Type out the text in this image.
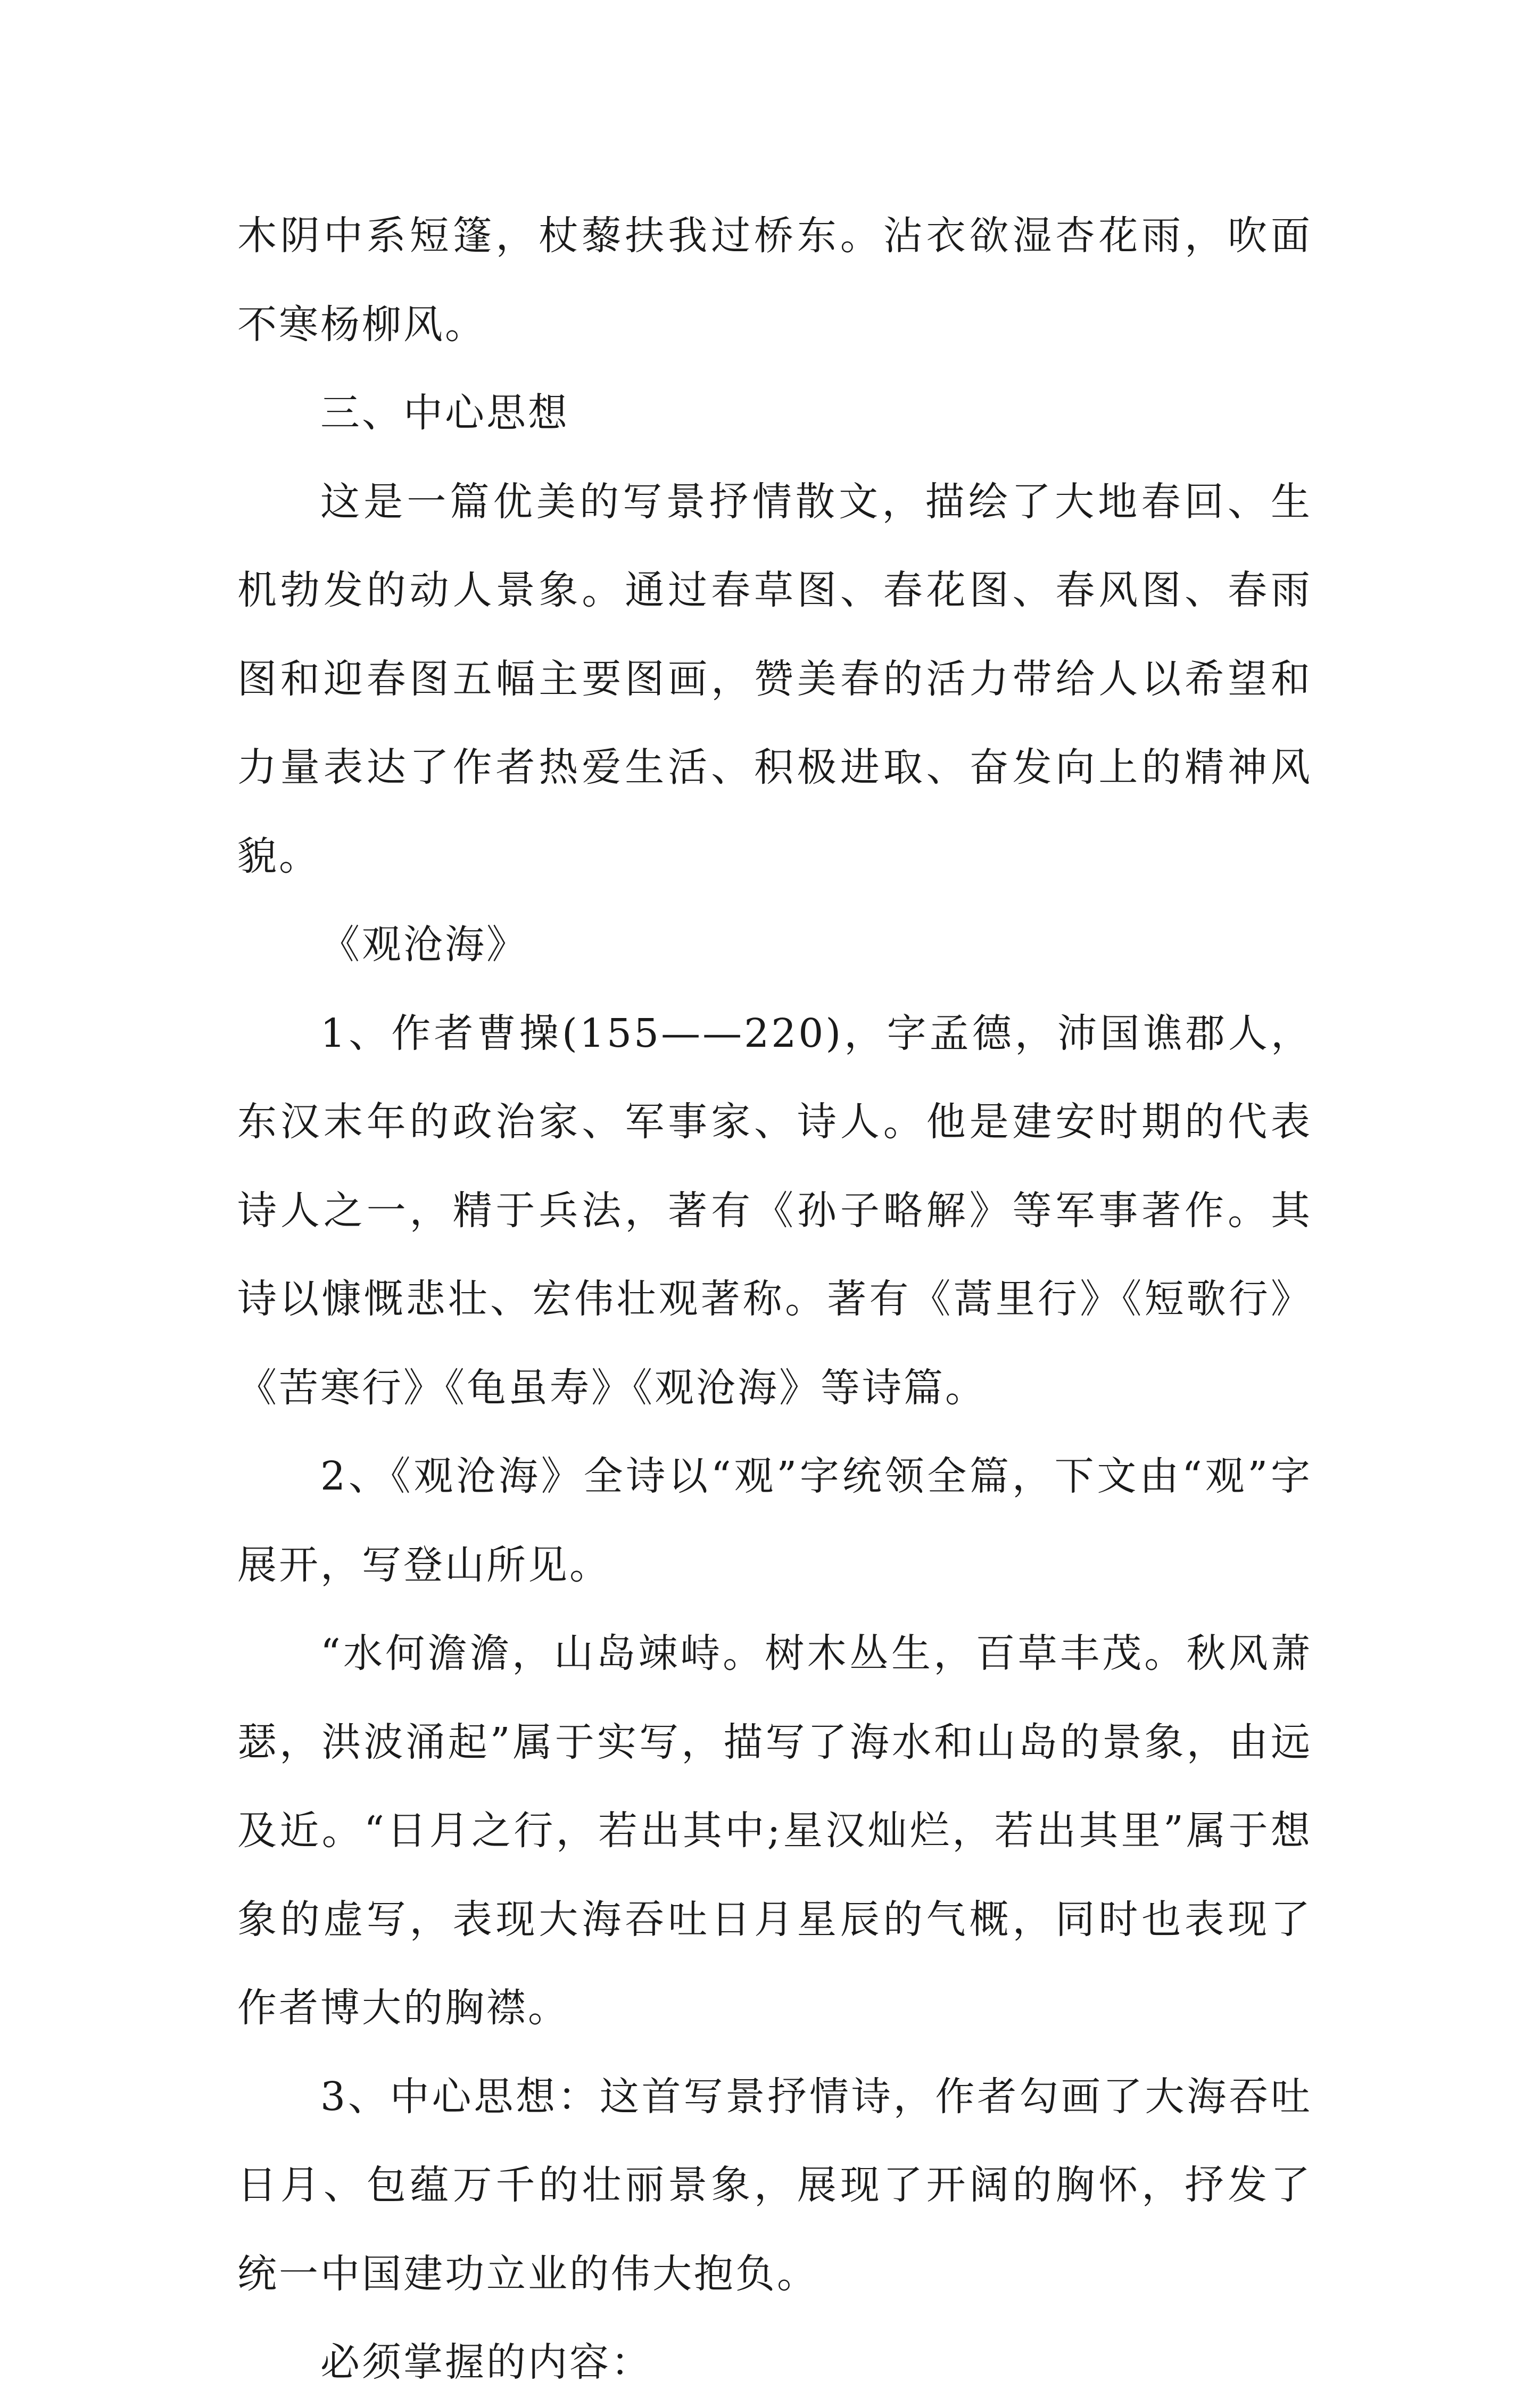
木阴中系短篷，杖藜扶我过桥东。沾衣欲湿杏花雨，吹面不寒杨柳风。

三、中心思想

这是一篇优美的写景抒情散文，描绘了大地春回、生机勃发的动人景象。通过春草图、春花图、春风图、春雨图和迎春图五幅主要图画，赞美春的活力带给人以希望和力量表达了作者热爱生活、积极进取、奋发向上的精神风貌。

《观沧海》

1、作者曹操(155——220)，字孟德，沛国谯郡人，东汉末年的政治家、军事家、诗人。他是建安时期的代表诗人之一，精于兵法，著有《孙子略解》等军事著作。其诗以慷慨悲壮、宏伟壮观著称。著有《蒿里行》《短歌行》《苦寒行》《龟虽寿》《观沧海》等诗篇。

2、《观沧海》全诗以“观”字统领全篇，下文由“观”字展开，写登山所见。

“水何澹澹，山岛竦峙。树木丛生，百草丰茂。秋风萧瑟，洪波涌起”属于实写，描写了海水和山岛的景象，由远及近。“日月之行，若出其中;星汉灿烂，若出其里”属于想象的虚写，表现大海吞吐日月星辰的气概，同时也表现了作者博大的胸襟。

3、中心思想：这首写景抒情诗，作者勾画了大海吞吐日月、包蕴万千的壮丽景象，展现了开阔的胸怀，抒发了统一中国建功立业的伟大抱负。

必须掌握的内容：
